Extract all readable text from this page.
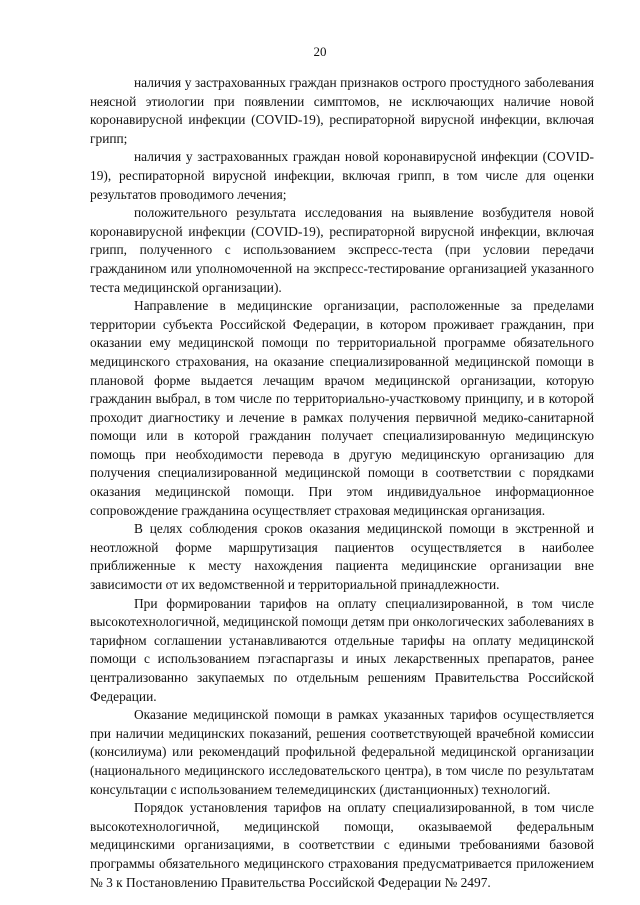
20

наличия у застрахованных граждан признаков острого простудного заболевания неясной этиологии при появлении симптомов, не исключающих наличие новой коронавирусной инфекции (COVID-19), респираторной вирусной инфекции, включая грипп;

наличия у застрахованных граждан новой коронавирусной инфекции (COVID-19), респираторной вирусной инфекции, включая грипп, в том числе для оценки результатов проводимого лечения;

положительного результата исследования на выявление возбудителя новой коронавирусной инфекции (COVID-19), респираторной вирусной инфекции, включая грипп, полученного с использованием экспресс-теста (при условии передачи гражданином или уполномоченной на экспресс-тестирование организацией указанного теста медицинской организации).

Направление в медицинские организации, расположенные за пределами территории субъекта Российской Федерации, в котором проживает гражданин, при оказании ему медицинской помощи по территориальной программе обязательного медицинского страхования, на оказание специализированной медицинской помощи в плановой форме выдается лечащим врачом медицинской организации, которую гражданин выбрал, в том числе по территориально-участковому принципу, и в которой проходит диагностику и лечение в рамках получения первичной медико-санитарной помощи или в которой гражданин получает специализированную медицинскую помощь при необходимости перевода в другую медицинскую организацию для получения специализированной медицинской помощи в соответствии с порядками оказания медицинской помощи. При этом индивидуальное информационное сопровождение гражданина осуществляет страховая медицинская организация.

В целях соблюдения сроков оказания медицинской помощи в экстренной и неотложной форме маршрутизация пациентов осуществляется в наиболее приближенные к месту нахождения пациента медицинские организации вне зависимости от их ведомственной и территориальной принадлежности.

При формировании тарифов на оплату специализированной, в том числе высокотехнологичной, медицинской помощи детям при онкологических заболеваниях в тарифном соглашении устанавливаются отдельные тарифы на оплату медицинской помощи с использованием пэгаспаргазы и иных лекарственных препаратов, ранее централизованно закупаемых по отдельным решениям Правительства Российской Федерации.

Оказание медицинской помощи в рамках указанных тарифов осуществляется при наличии медицинских показаний, решения соответствующей врачебной комиссии (консилиума) или рекомендаций профильной федеральной медицинской организации (национального медицинского исследовательского центра), в том числе по результатам консультации с использованием телемедицинских (дистанционных) технологий.

Порядок установления тарифов на оплату специализированной, в том числе высокотехнологичной, медицинской помощи, оказываемой федеральным медицинскими организациями, в соответствии с едиными требованиями базовой программы обязательного медицинского страхования предусматривается приложением № 3 к Постановлению Правительства Российской Федерации № 2497.
